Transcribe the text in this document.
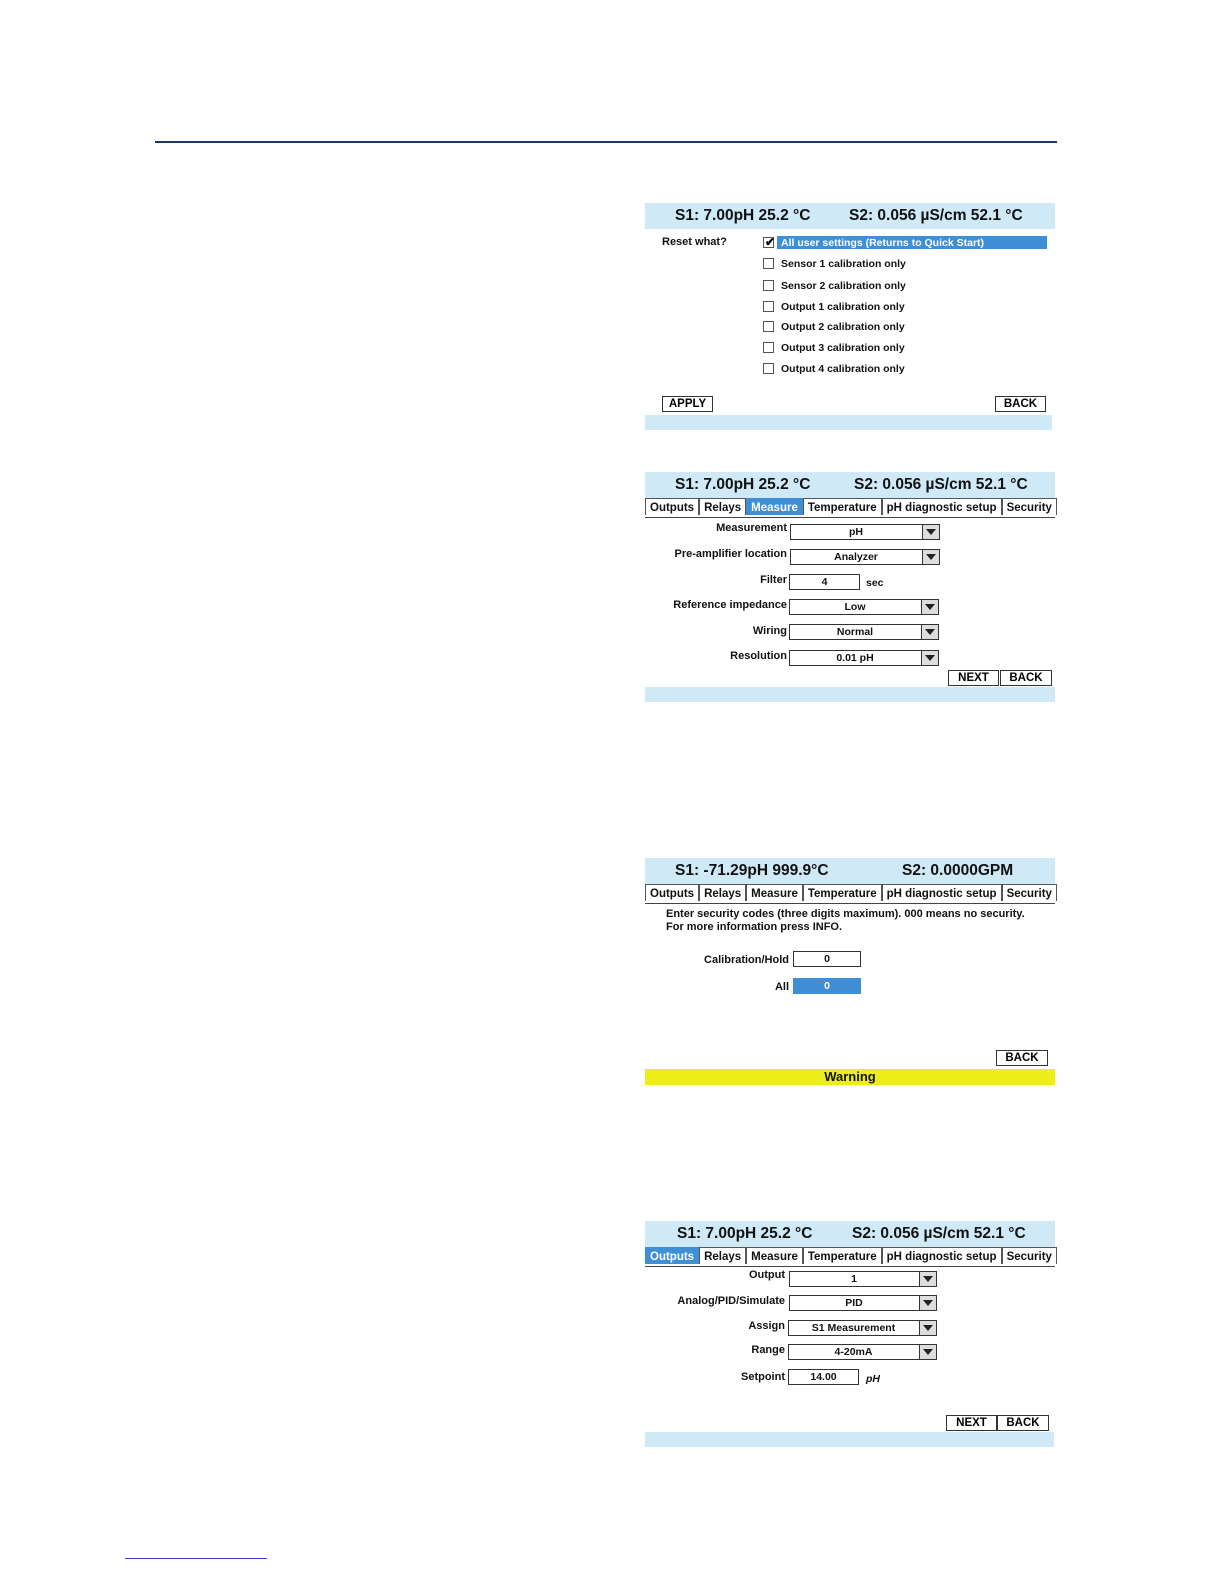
S1: 7.00pH 25.2 °C S2: 0.056 µS/cm 52.1 °C
Reset what?	✔ All user settings (Returns to Quick Start)
Sensor 1 calibration only
Sensor 2 calibration only
Output 1 calibration only
Output 2 calibration only
Output 3 calibration only
Output 4 calibration only
APPLY	BACK
S1: 7.00pH 25.2 °C	S2: 0.056 µS/cm 52.1 °C
Outputs Relays Measure Temperature pH diagnostic setup Security
Measurement	pH
Pre-amplifier location	Analyzer
Filter	4	sec
Reference impedance	Low
Wiring	Normal
Resolution	0.01 pH
NEXT	BACK
S1: -71.29pH 999.9°C	S2: 0.0000GPM
Outputs Relays Measure Temperature pH diagnostic setup Security
Enter security codes (three digits maximum). 000 means no security.
For more information press INFO.
Calibration/Hold	0
All	0
BACK
Warning
S1: 7.00pH 25.2 °C	S2: 0.056 µS/cm 52.1 °C
Outputs Relays Measure Temperature pH diagnostic setup Security
Output	1
Analog/PID/Simulate	PID
Assign	S1 Measurement
Range	4-20mA
Setpoint	14.00	pH
NEXT	BACK
